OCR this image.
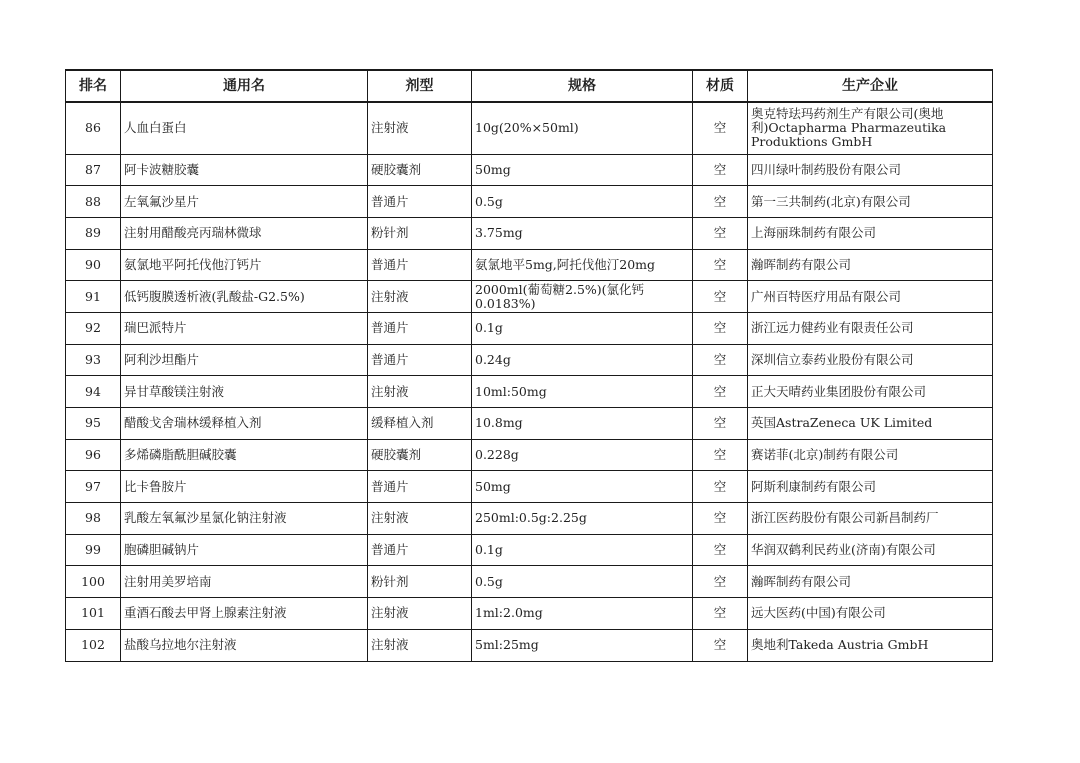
排名	通用名	剂型	规格	材质	生产企业
86	人血白蛋白	注射液	10g(20%×50ml)	空	奥克特珐玛药剂生产有限公司(奥地利)Octapharma Pharmazeutika Produktions GmbH
87	阿卡波糖胶囊	硬胶囊剂	50mg	空	四川绿叶制药股份有限公司
88	左氧氟沙星片	普通片	0.5g	空	第一三共制药(北京)有限公司
89	注射用醋酸亮丙瑞林微球	粉针剂	3.75mg	空	上海丽珠制药有限公司
90	氨氯地平阿托伐他汀钙片	普通片	氨氯地平5mg,阿托伐他汀20mg	空	瀚晖制药有限公司
91	低钙腹膜透析液(乳酸盐-G2.5%)	注射液	2000ml(葡萄糖2.5%)(氯化钙0.0183%)	空	广州百特医疗用品有限公司
92	瑞巴派特片	普通片	0.1g	空	浙江远力健药业有限责任公司
93	阿利沙坦酯片	普通片	0.24g	空	深圳信立泰药业股份有限公司
94	异甘草酸镁注射液	注射液	10ml:50mg	空	正大天晴药业集团股份有限公司
95	醋酸戈舍瑞林缓释植入剂	缓释植入剂	10.8mg	空	英国AstraZeneca UK Limited
96	多烯磷脂酰胆碱胶囊	硬胶囊剂	0.228g	空	赛诺菲(北京)制药有限公司
97	比卡鲁胺片	普通片	50mg	空	阿斯利康制药有限公司
98	乳酸左氧氟沙星氯化钠注射液	注射液	250ml:0.5g:2.25g	空	浙江医药股份有限公司新昌制药厂
99	胞磷胆碱钠片	普通片	0.1g	空	华润双鹤利民药业(济南)有限公司
100	注射用美罗培南	粉针剂	0.5g	空	瀚晖制药有限公司
101	重酒石酸去甲肾上腺素注射液	注射液	1ml:2.0mg	空	远大医药(中国)有限公司
102	盐酸乌拉地尔注射液	注射液	5ml:25mg	空	奥地利Takeda Austria GmbH
